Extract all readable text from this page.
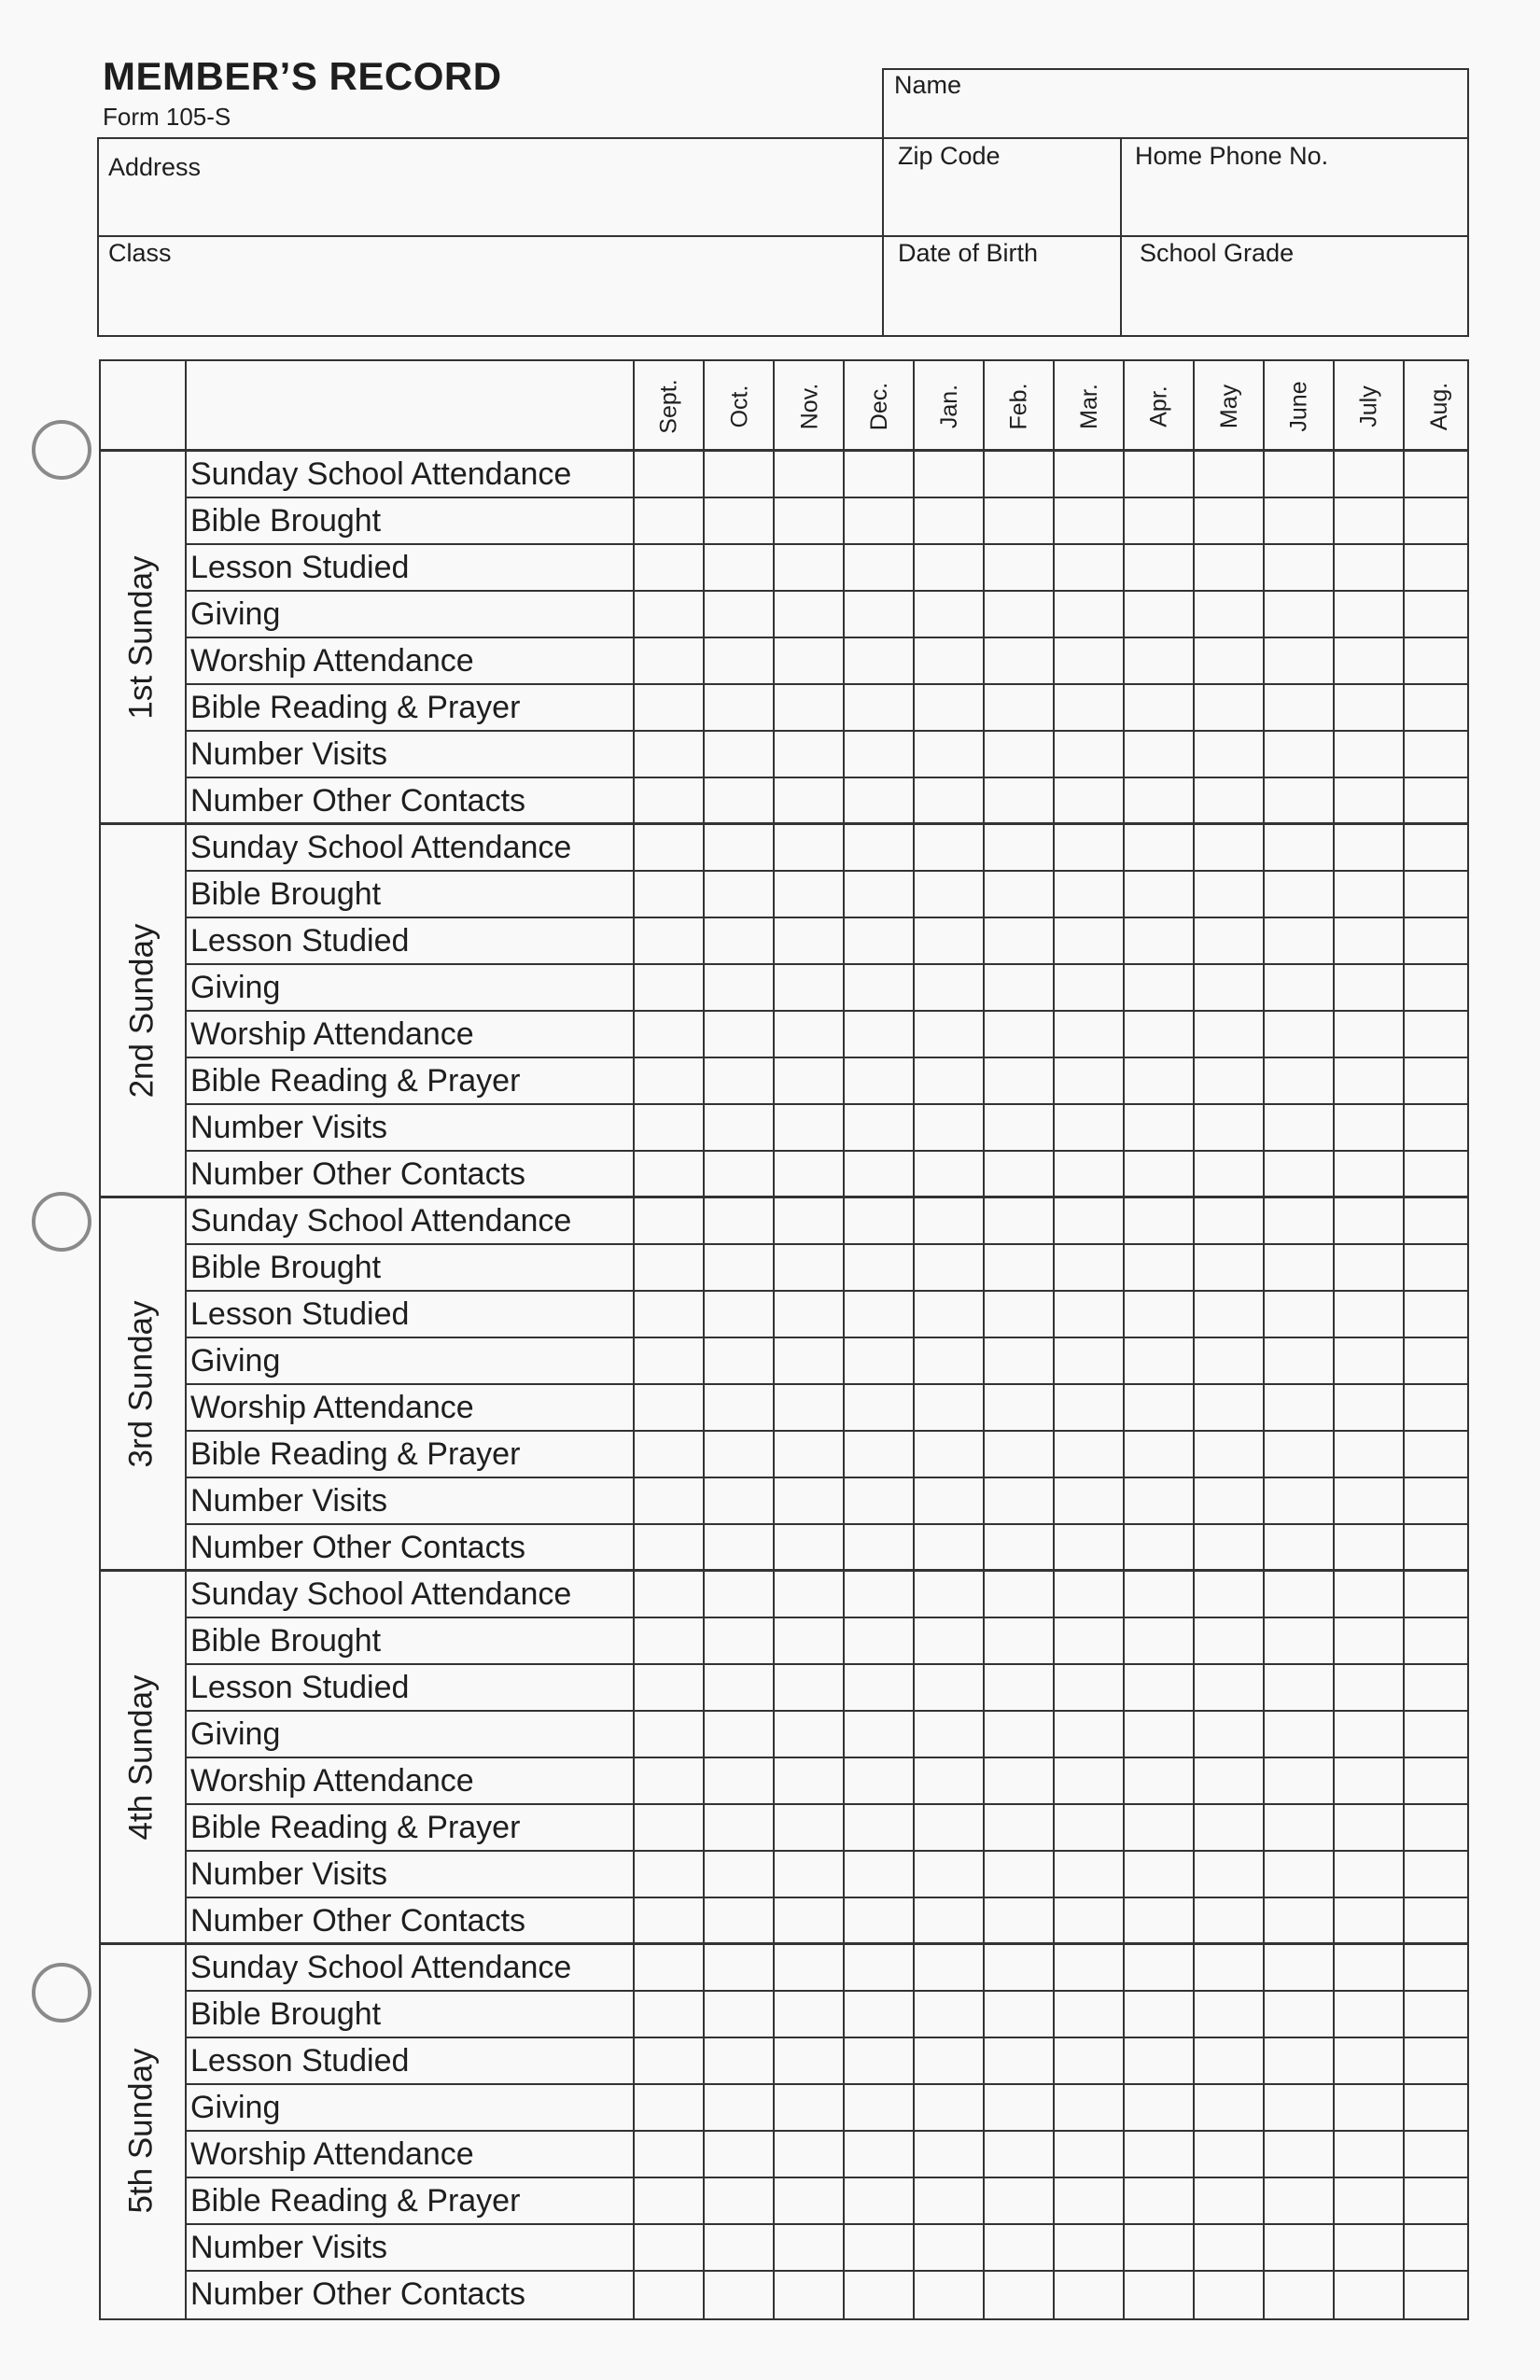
MEMBER’S RECORD
Form 105-S
Name
Address	Zip Code	Home Phone No.
Class	Date of Birth	School Grade
Sept. Oct. Nov. Dec. Jan. Feb. Mar. Apr. May June July Aug.
1st Sunday
Sunday School Attendance
Bible Brought
Lesson Studied
Giving
Worship Attendance
Bible Reading & Prayer
Number Visits
Number Other Contacts
2nd Sunday
Sunday School Attendance
Bible Brought
Lesson Studied
Giving
Worship Attendance
Bible Reading & Prayer
Number Visits
Number Other Contacts
3rd Sunday
Sunday School Attendance
Bible Brought
Lesson Studied
Giving
Worship Attendance
Bible Reading & Prayer
Number Visits
Number Other Contacts
4th Sunday
Sunday School Attendance
Bible Brought
Lesson Studied
Giving
Worship Attendance
Bible Reading & Prayer
Number Visits
Number Other Contacts
5th Sunday
Sunday School Attendance
Bible Brought
Lesson Studied
Giving
Worship Attendance
Bible Reading & Prayer
Number Visits
Number Other Contacts
